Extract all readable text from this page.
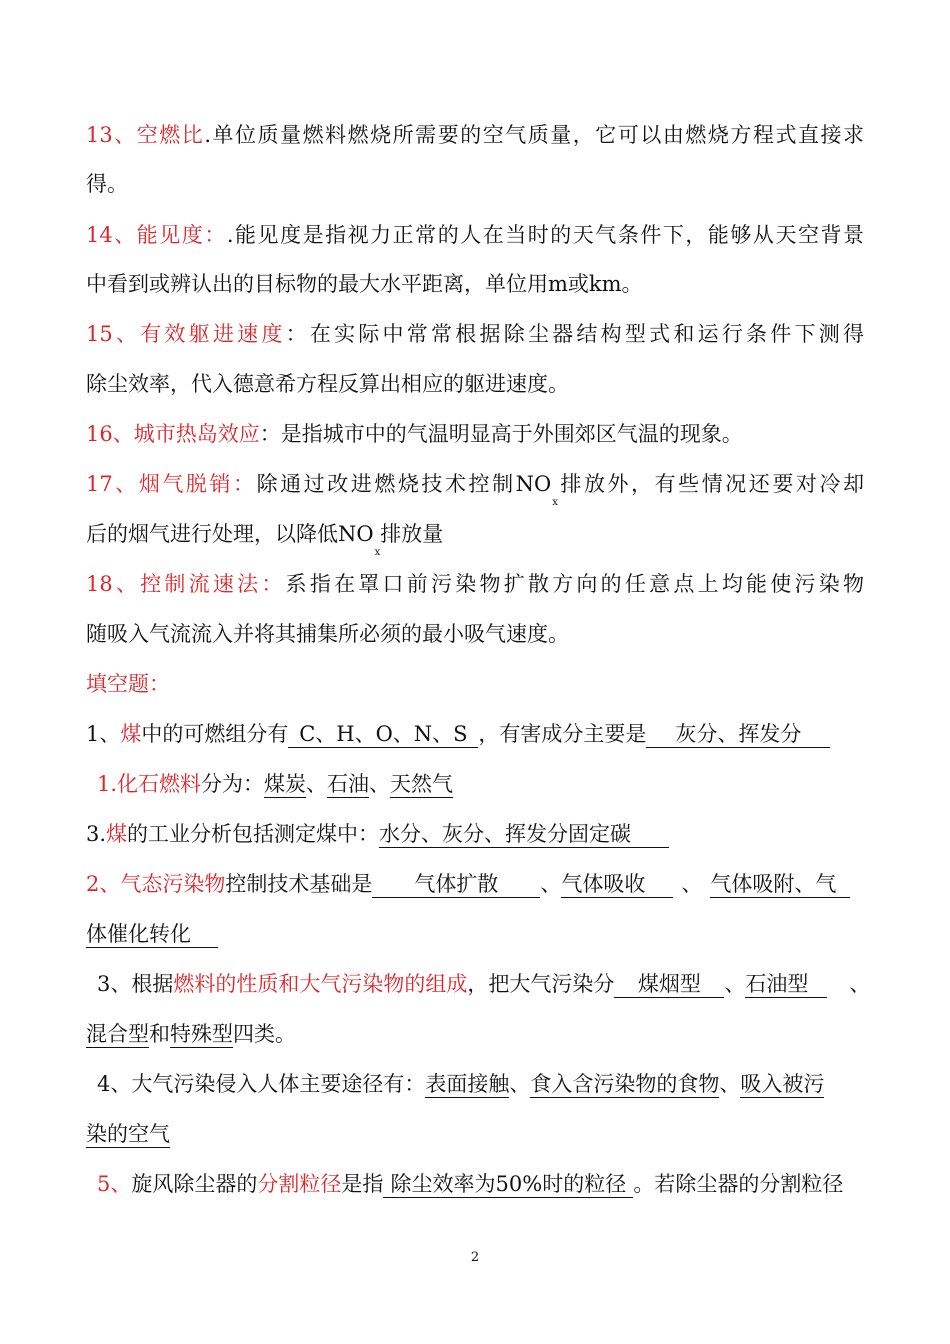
13、空燃比.单位质量燃料燃烧所需要的空气质量，它可以由燃烧方程式直接求
得。
14、能见度：.能见度是指视力正常的人在当时的天气条件下，能够从天空背景
中看到或辨认出的目标物的最大水平距离，单位用m或km。
15、有效躯进速度：在实际中常常根据除尘器结构型式和运行条件下测得
除尘效率，代入德意希方程反算出相应的躯进速度。
16、城市热岛效应：是指城市中的气温明显高于外围郊区气温的现象。
17、烟气脱销：除通过改进燃烧技术控制$NO_x$排放外，有些情况还要对冷却
后的烟气进行处理，以降低$NO_x$排放量
18、控制流速法：系指在罩口前污染物扩散方向的任意点上均能使污染物
随吸入气流流入并将其捕集所必须的最小吸气速度。
填空题：
1、煤中的可燃组分有 C、H、O、N、S ，有害成分主要是 灰分、挥发分
1.化石燃料分为：煤炭、石油、天然气
3.煤的工业分析包括测定煤中：水分、灰分、挥发分固定碳
2、气态污染物控制技术基础是 气体扩散 、气体吸收 、 气体吸附、气
体催化转化
3、根据燃料的性质和大气污染物的组成，把大气污染分 煤烟型 、石油型 、
混合型和特殊型四类。
4、大气污染侵入人体主要途径有：表面接触、食入含污染物的食物、吸入被污
染的空气
5、旋风除尘器的分割粒径是指 除尘效率为50%时的粒径 。若除尘器的分割粒径
2
